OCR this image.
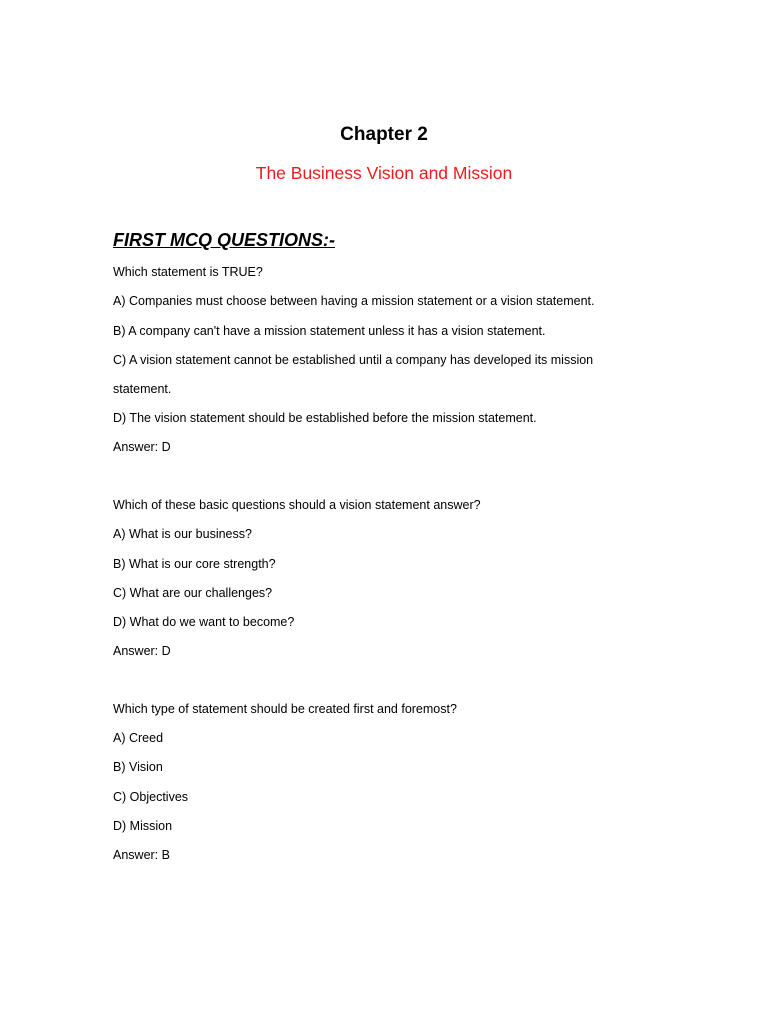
Chapter 2
The Business Vision and Mission
FIRST MCQ QUESTIONS:-
Which statement is TRUE?
A) Companies must choose between having a mission statement or a vision statement.
B) A company can't have a mission statement unless it has a vision statement.
C) A vision statement cannot be established until a company has developed its mission
statement.
D) The vision statement should be established before the mission statement.
Answer: D
Which of these basic questions should a vision statement answer?
A) What is our business?
B) What is our core strength?
C) What are our challenges?
D) What do we want to become?
Answer: D
Which type of statement should be created first and foremost?
A) Creed
B) Vision
C) Objectives
D) Mission
Answer: B
